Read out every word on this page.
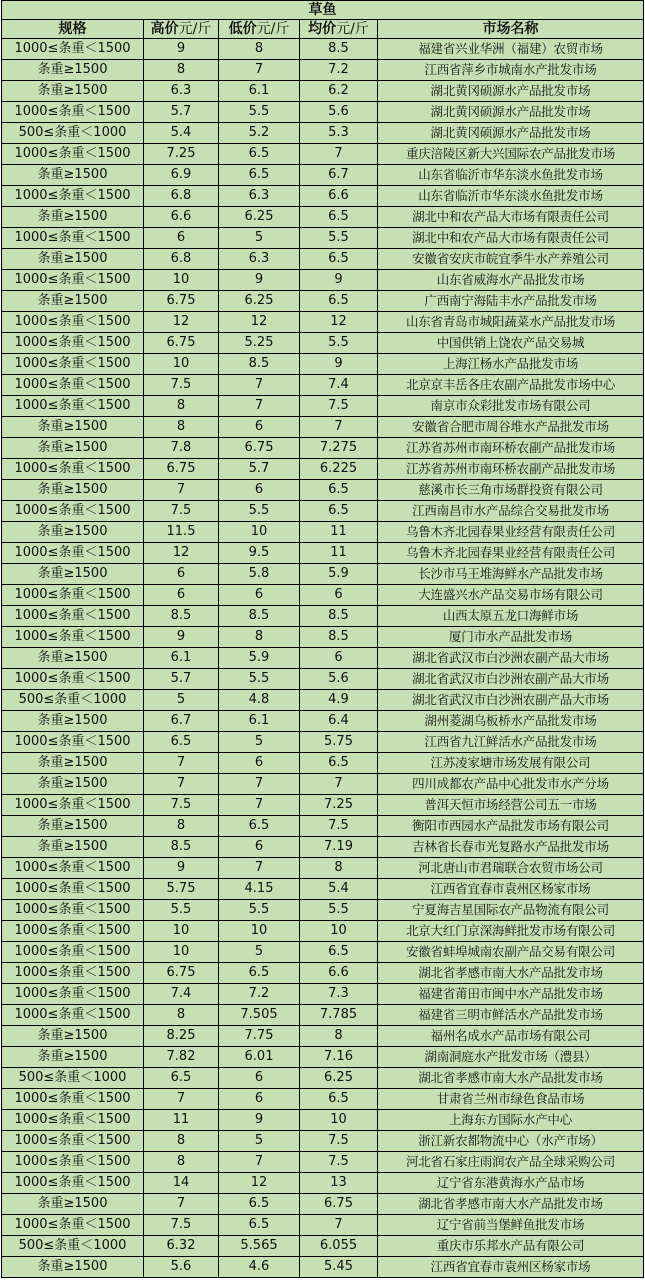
草鱼				
规格	高价元/斤	低价元/斤	均价元/斤	市场名称
1000≤条重＜1500	9	8	8.5	福建省兴业华洲（福建）农贸市场
条重≥1500	8	7	7.2	江西省萍乡市城南水产批发市场
条重≥1500	6.3	6.1	6.2	湖北黄冈硕源水产品批发市场
1000≤条重＜1500	5.7	5.5	5.6	湖北黄冈硕源水产品批发市场
500≤条重＜1000	5.4	5.2	5.3	湖北黄冈硕源水产品批发市场
1000≤条重＜1500	7.25	6.5	7	重庆涪陵区新大兴国际农产品批发市场
条重≥1500	6.9	6.5	6.7	山东省临沂市华东淡水鱼批发市场
1000≤条重＜1500	6.8	6.3	6.6	山东省临沂市华东淡水鱼批发市场
条重≥1500	6.6	6.25	6.5	湖北中和农产品大市场有限责任公司
1000≤条重＜1500	6	5	5.5	湖北中和农产品大市场有限责任公司
条重≥1500	6.8	6.3	6.5	安徽省安庆市皖宜季牛水产养殖公司
1000≤条重＜1500	10	9	9	山东省威海水产品批发市场
条重≥1500	6.75	6.25	6.5	广西南宁海陆丰水产品批发市场
1000≤条重＜1500	12	12	12	山东省青岛市城阳蔬菜水产品批发市场
1000≤条重＜1500	6.75	5.25	5.5	中国供销上饶农产品交易城
1000≤条重＜1500	10	8.5	9	上海江杨水产品批发市场
1000≤条重＜1500	7.5	7	7.4	北京京丰岳各庄农副产品批发市场中心
1000≤条重＜1500	8	7	7.5	南京市众彩批发市场有限公司
条重≥1500	8	6	7	安徽省合肥市周谷堆水产品批发市场
条重≥1500	7.8	6.75	7.275	江苏省苏州市南环桥农副产品批发市场
1000≤条重＜1500	6.75	5.7	6.225	江苏省苏州市南环桥农副产品批发市场
条重≥1500	7	6	6.5	慈溪市长三角市场群投资有限公司
1000≤条重＜1500	7.5	5.5	6.5	江西南昌市水产品综合交易批发市场
条重≥1500	11.5	10	11	乌鲁木齐北园春果业经营有限责任公司
1000≤条重＜1500	12	9.5	11	乌鲁木齐北园春果业经营有限责任公司
条重≥1500	6	5.8	5.9	长沙市马王堆海鲜水产品批发市场
1000≤条重＜1500	6	6	6	大连盛兴水产品交易市场有限公司
1000≤条重＜1500	8.5	8.5	8.5	山西太原五龙口海鲜市场
1000≤条重＜1500	9	8	8.5	厦门市水产品批发市场
条重≥1500	6.1	5.9	6	湖北省武汉市白沙洲农副产品大市场
1000≤条重＜1500	5.7	5.5	5.6	湖北省武汉市白沙洲农副产品大市场
500≤条重＜1000	5	4.8	4.9	湖北省武汉市白沙洲农副产品大市场
条重≥1500	6.7	6.1	6.4	湖州菱湖乌板桥水产品批发市场
1000≤条重＜1500	6.5	5	5.75	江西省九江鲜活水产品批发市场
条重≥1500	7	6	6.5	江苏凌家塘市场发展有限公司
条重≥1500	7	7	7	四川成都农产品中心批发市水产分场
1000≤条重＜1500	7.5	7	7.25	普洱天恒市场经营公司五一市场
条重≥1500	8	6.5	7.5	衡阳市西园水产品批发市场有限公司
条重≥1500	8.5	6	7.19	吉林省长春市光复路水产品批发市场
1000≤条重＜1500	9	7	8	河北唐山市君瑞联合农贸市场公司
1000≤条重＜1500	5.75	4.15	5.4	江西省宜春市袁州区杨家市场
1000≤条重＜1500	5.5	5.5	5.5	宁夏海吉星国际农产品物流有限公司
1000≤条重＜1500	10	10	10	北京大红门京深海鲜批发市场有限公司
1000≤条重＜1500	10	5	6.5	安徽省蚌埠城南农副产品交易有限公司
1000≤条重＜1500	6.75	6.5	6.6	湖北省孝感市南大水产品批发市场
1000≤条重＜1500	7.4	7.2	7.3	福建省莆田市闽中水产品批发市场
1000≤条重＜1500	8	7.505	7.785	福建省三明市鲜活水产品批发市场
条重≥1500	8.25	7.75	8	福州名成水产品市场有限公司
条重≥1500	7.82	6.01	7.16	湖南洞庭水产批发市场（澧县）
500≤条重＜1000	6.5	6	6.25	湖北省孝感市南大水产品批发市场
1000≤条重＜1500	7	6	6.5	甘肃省兰州市绿色食品市场
1000≤条重＜1500	11	9	10	上海东方国际水产中心
1000≤条重＜1500	8	5	7.5	浙江新农都物流中心（水产市场）
1000≤条重＜1500	8	7	7.5	河北省石家庄雨润农产品全球采购公司
1000≤条重＜1500	14	12	13	辽宁省东港黄海水产品市场
条重≥1500	7	6.5	6.75	湖北省孝感市南大水产品批发市场
1000≤条重＜1500	7.5	6.5	7	辽宁省前当堡鲜鱼批发市场
500≤条重＜1000	6.32	5.565	6.055	重庆市乐邦水产品有限公司
条重≥1500	5.6	4.6	5.45	江西省宜春市袁州区杨家市场
